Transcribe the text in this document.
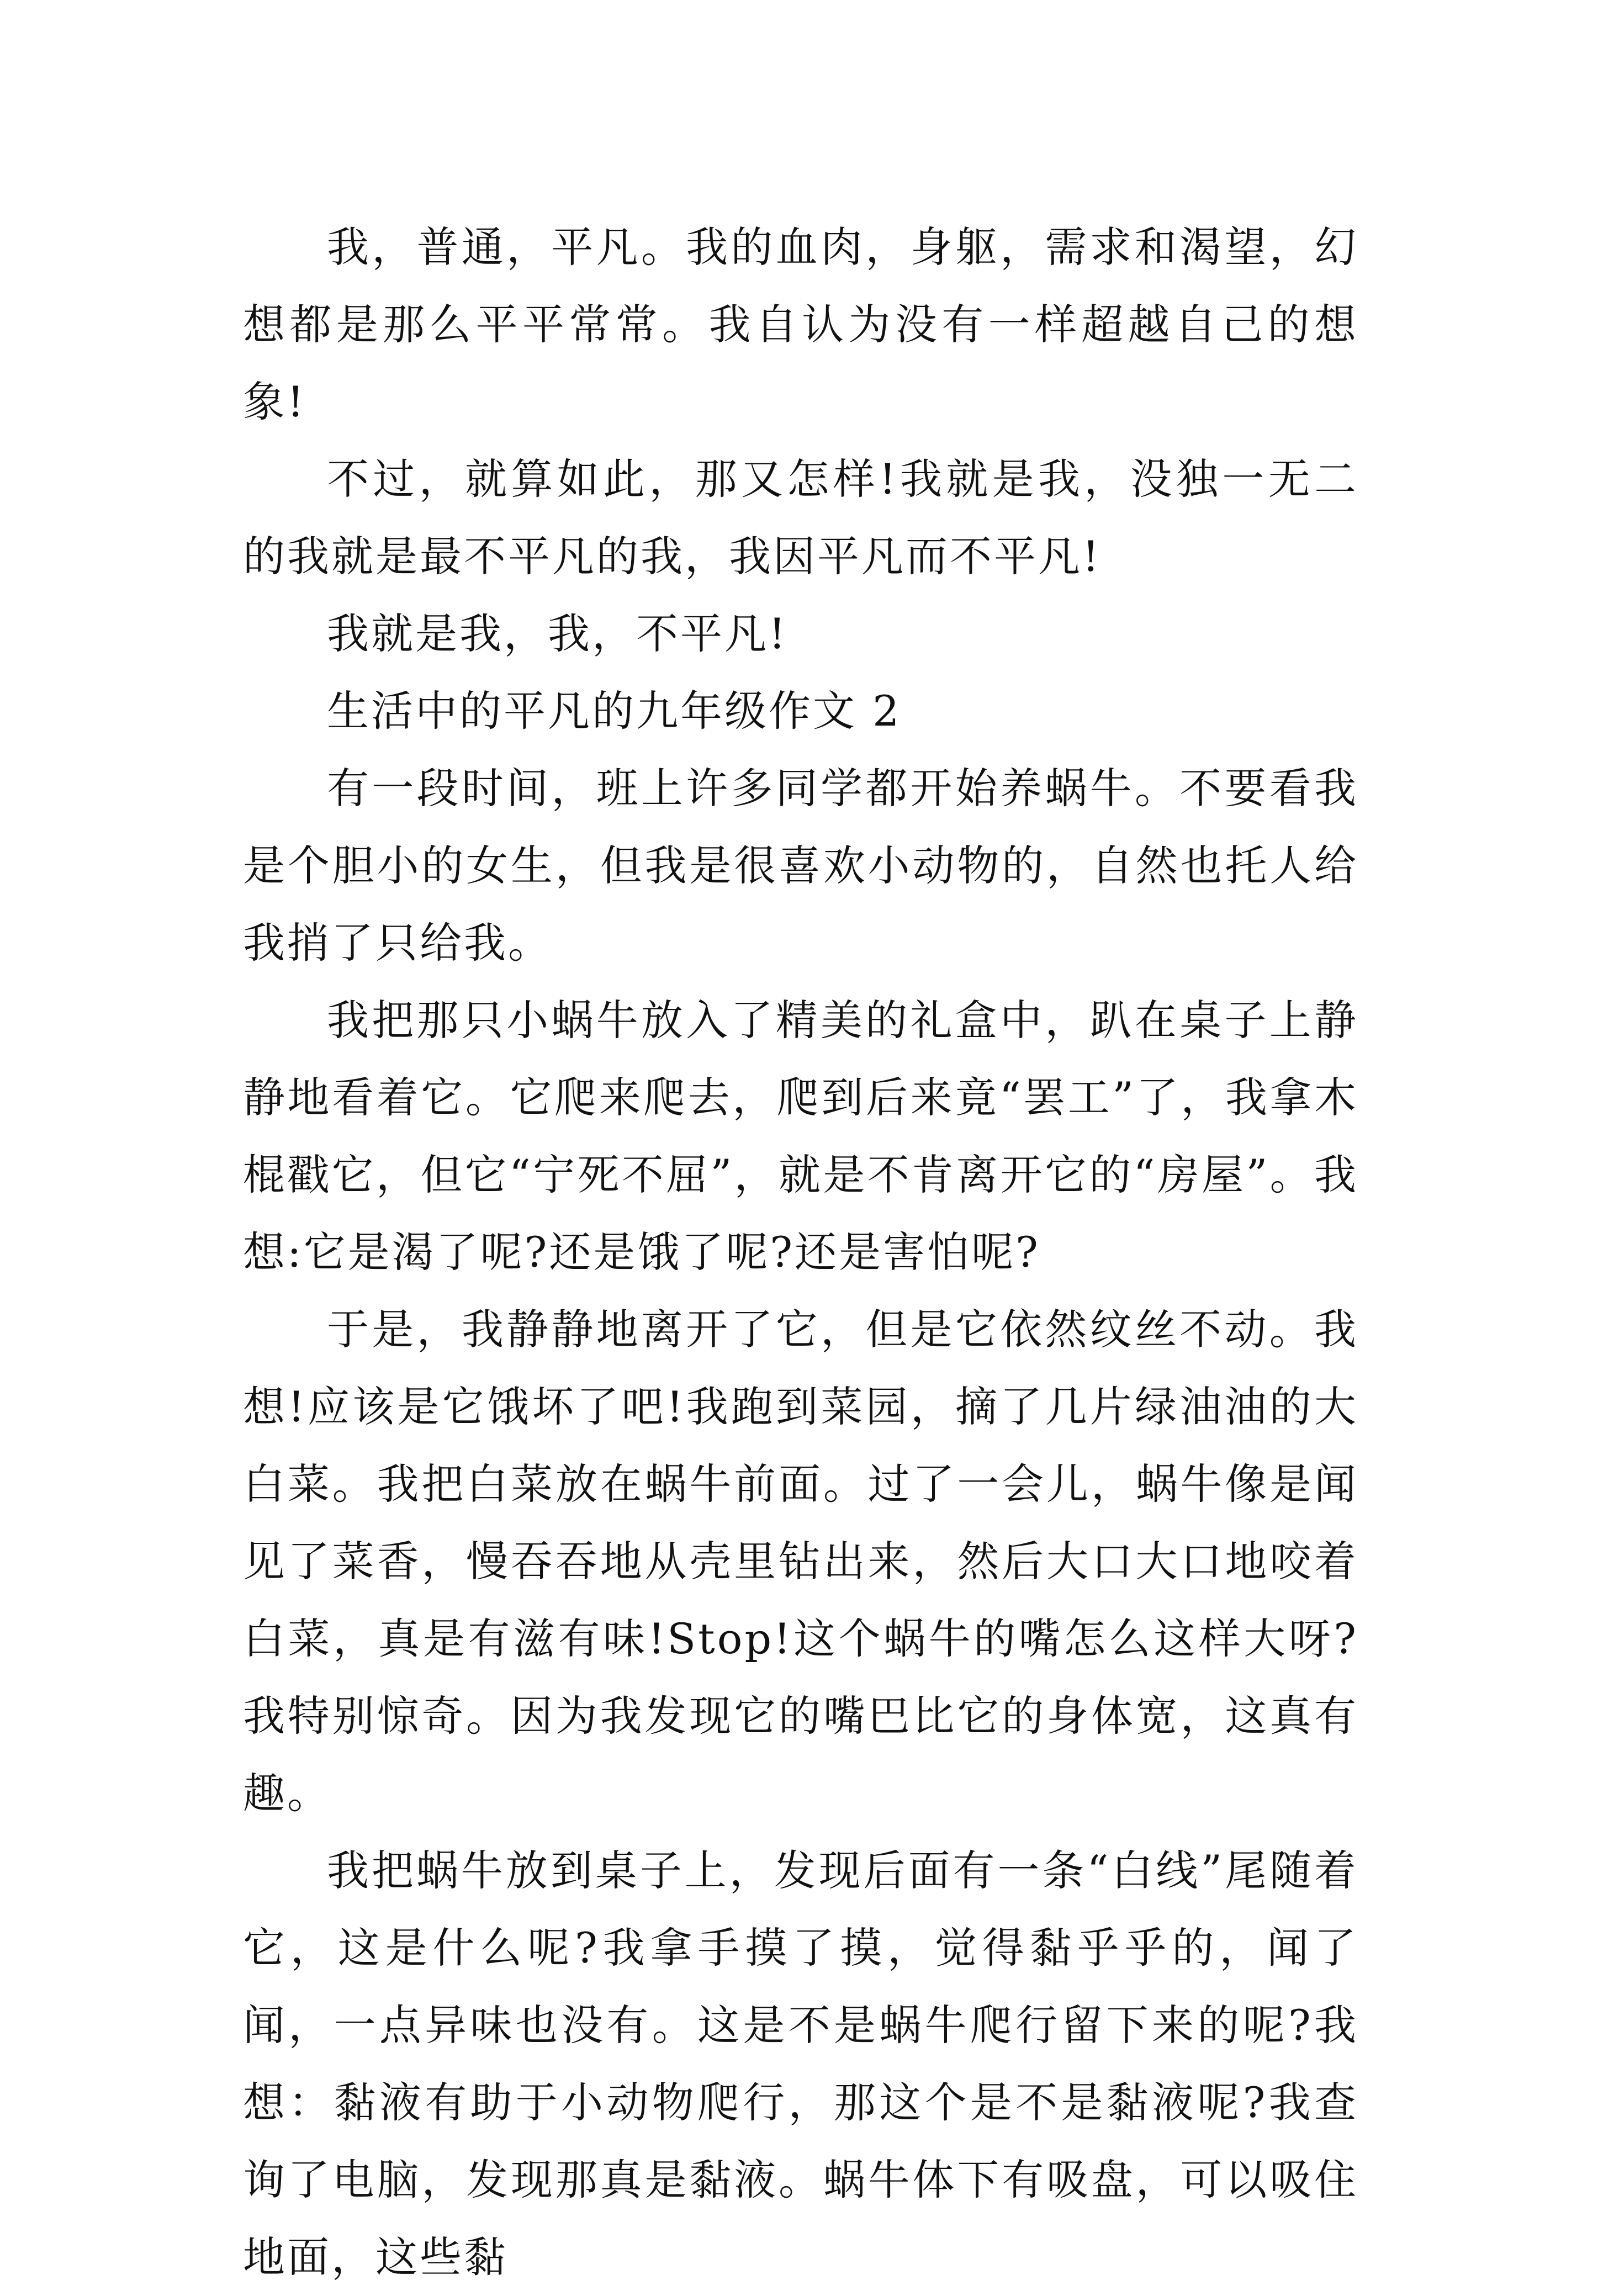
我，普通，平凡。我的血肉，身躯，需求和渴望，幻想都是那么平平常常。我自认为没有一样超越自己的想象!

不过，就算如此，那又怎样!我就是我，没独一无二的我就是最不平凡的我，我因平凡而不平凡!

我就是我，我，不平凡!

生活中的平凡的九年级作文 2

有一段时间，班上许多同学都开始养蜗牛。不要看我是个胆小的女生，但我是很喜欢小动物的，自然也托人给我捎了只给我。

我把那只小蜗牛放入了精美的礼盒中，趴在桌子上静静地看着它。它爬来爬去，爬到后来竟“罢工”了，我拿木棍戳它，但它“宁死不屈”，就是不肯离开它的“房屋”。我想:它是渴了呢?还是饿了呢?还是害怕呢?

于是，我静静地离开了它，但是它依然纹丝不动。我想!应该是它饿坏了吧!我跑到菜园，摘了几片绿油油的大白菜。我把白菜放在蜗牛前面。过了一会儿，蜗牛像是闻见了菜香，慢吞吞地从壳里钻出来，然后大口大口地咬着白菜，真是有滋有味!Stop!这个蜗牛的嘴怎么这样大呀?我特别惊奇。因为我发现它的嘴巴比它的身体宽，这真有趣。

我把蜗牛放到桌子上，发现后面有一条“白线”尾随着它，这是什么呢?我拿手摸了摸，觉得黏乎乎的，闻了闻，一点异味也没有。这是不是蜗牛爬行留下来的呢?我想：黏液有助于小动物爬行，那这个是不是黏液呢?我查询了电脑，发现那真是黏液。蜗牛体下有吸盘，可以吸住地面，这些黏
